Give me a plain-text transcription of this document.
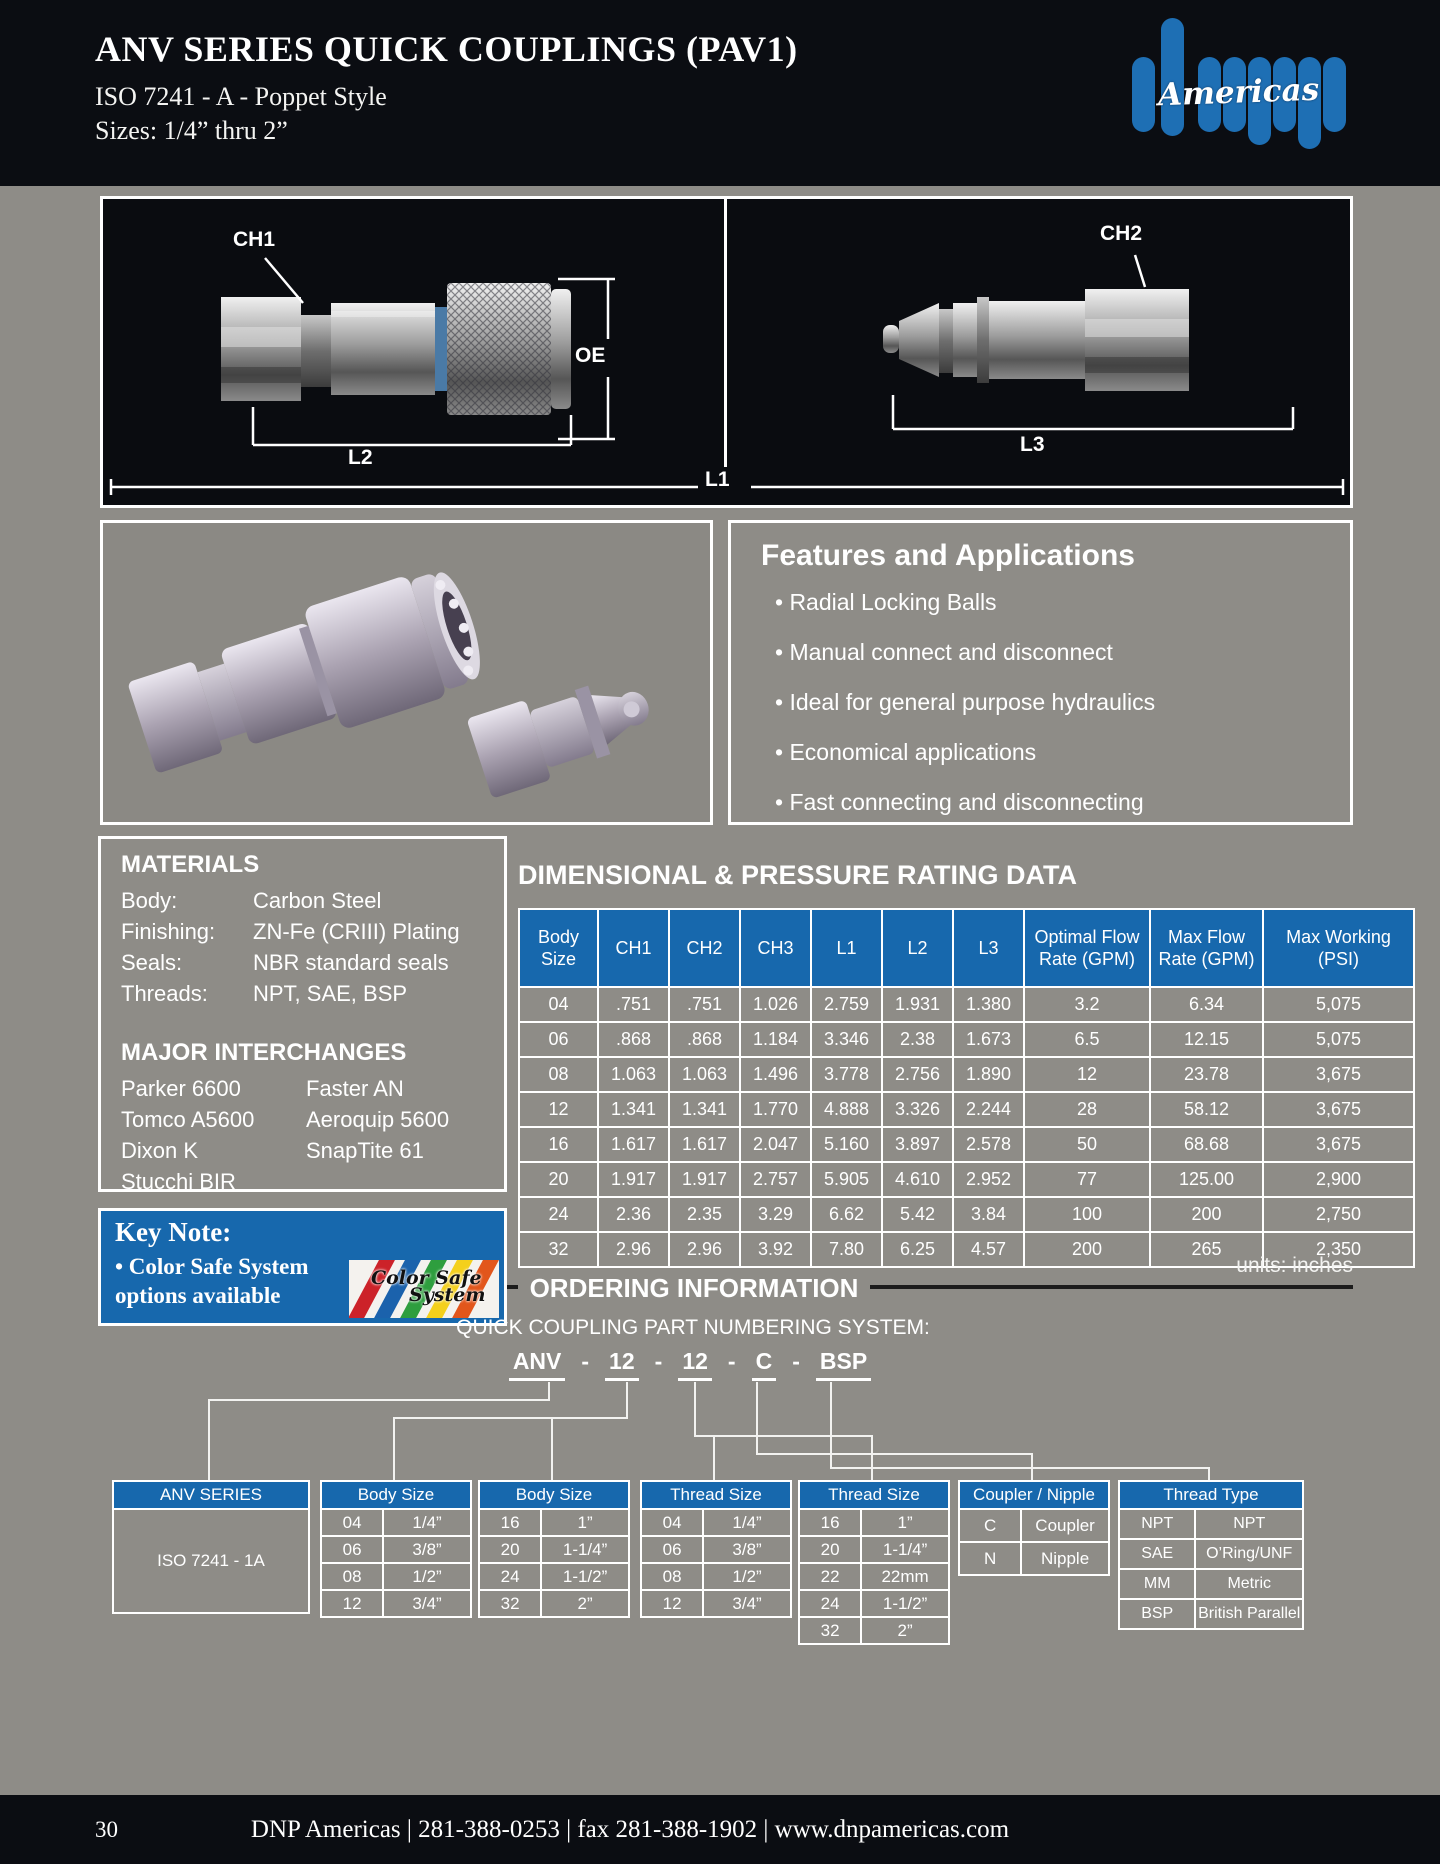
ANV SERIES QUICK COUPLINGS (PAV1)
ISO 7241 - A - Poppet Style
Sizes: 1/4” thru 2”
Americas
OE
L2
CH2
L3
L1
CH1
Features and Applications
• Radial Locking Balls
• Manual connect and disconnect
• Ideal for general purpose hydraulics
• Economical applications
• Fast connecting and disconnecting
MATERIALS
Body:	Carbon Steel
Finishing:	ZN-Fe (CRIII) Plating
Seals:	NBR standard seals
Threads:	NPT, SAE, BSP
MAJOR INTERCHANGES
Parker 6600	Faster AN
Tomco A5600	Aeroquip 5600
Dixon K	SnapTite 61
Stucchi BIR
Key Note:
• Color Safe System options available
Color Safe
System
DIMENSIONAL & PRESSURE RATING DATA
Body Size	CH1	CH2	CH3	L1	L2	L3	Optimal Flow Rate (GPM)	Max Flow Rate (GPM)	Max Working (PSI)
04	.751	.751	1.026	2.759	1.931	1.380	3.2	6.34	5,075
06	.868	.868	1.184	3.346	2.38	1.673	6.5	12.15	5,075
08	1.063	1.063	1.496	3.778	2.756	1.890	12	23.78	3,675
12	1.341	1.341	1.770	4.888	3.326	2.244	28	58.12	3,675
16	1.617	1.617	2.047	5.160	3.897	2.578	50	68.68	3,675
20	1.917	1.917	2.757	5.905	4.610	2.952	77	125.00	2,900
24	2.36	2.35	3.29	6.62	5.42	3.84	100	200	2,750
32	2.96	2.96	3.92	7.80	6.25	4.57	200	265	2,350
units: inches
ORDERING INFORMATION
QUICK COUPLING PART NUMBERING SYSTEM:
ANV - 12 - 12 - C - BSP
ANV SERIES
ISO 7241 - 1A
Body Size
04	1/4”
06	3/8”
08	1/2”
12	3/4”
Body Size
16	1”
20	1-1/4”
24	1-1/2”
32	2”
Thread Size
04	1/4”
06	3/8”
08	1/2”
12	3/4”
Thread Size
16	1”
20	1-1/4”
22	22mm
24	1-1/2”
32	2”
Coupler / Nipple
C	Coupler
N	Nipple
Thread Type
NPT	NPT
SAE	O’Ring/UNF
MM	Metric
BSP	British Parallel
30	DNP Americas | 281-388-0253 | fax 281-388-1902 | www.dnpamericas.com
